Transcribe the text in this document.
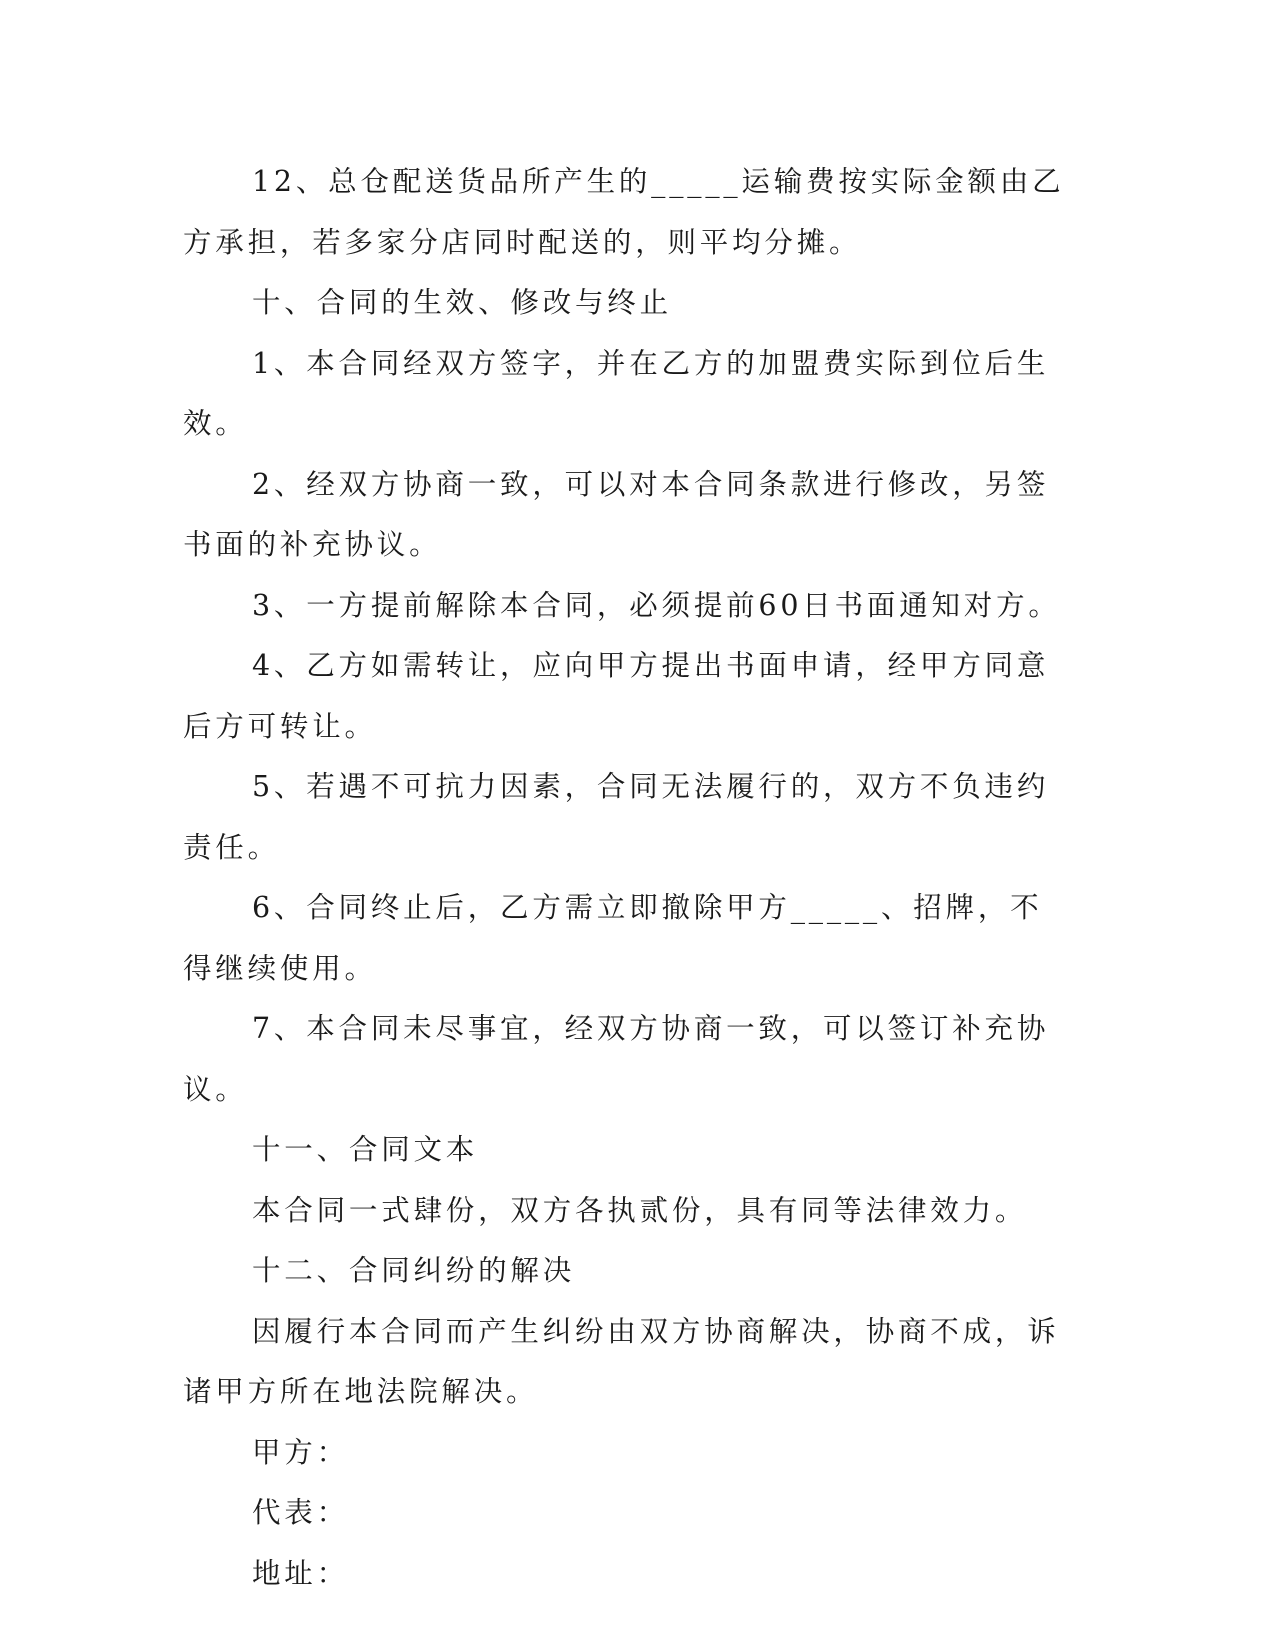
12、总仓配送货品所产生的_____运输费按实际金额由乙方承担，若多家分店同时配送的，则平均分摊。

十、合同的生效、修改与终止

1、本合同经双方签字，并在乙方的加盟费实际到位后生效。

2、经双方协商一致，可以对本合同条款进行修改，另签书面的补充协议。

3、一方提前解除本合同，必须提前60日书面通知对方。

4、乙方如需转让，应向甲方提出书面申请，经甲方同意后方可转让。

5、若遇不可抗力因素，合同无法履行的，双方不负违约责任。

6、合同终止后，乙方需立即撤除甲方_____、招牌，不得继续使用。

7、本合同未尽事宜，经双方协商一致，可以签订补充协议。

十一、合同文本

本合同一式肆份，双方各执贰份，具有同等法律效力。

十二、合同纠纷的解决

因履行本合同而产生纠纷由双方协商解决，协商不成，诉诸甲方所在地法院解决。

甲方：

代表：

地址：
